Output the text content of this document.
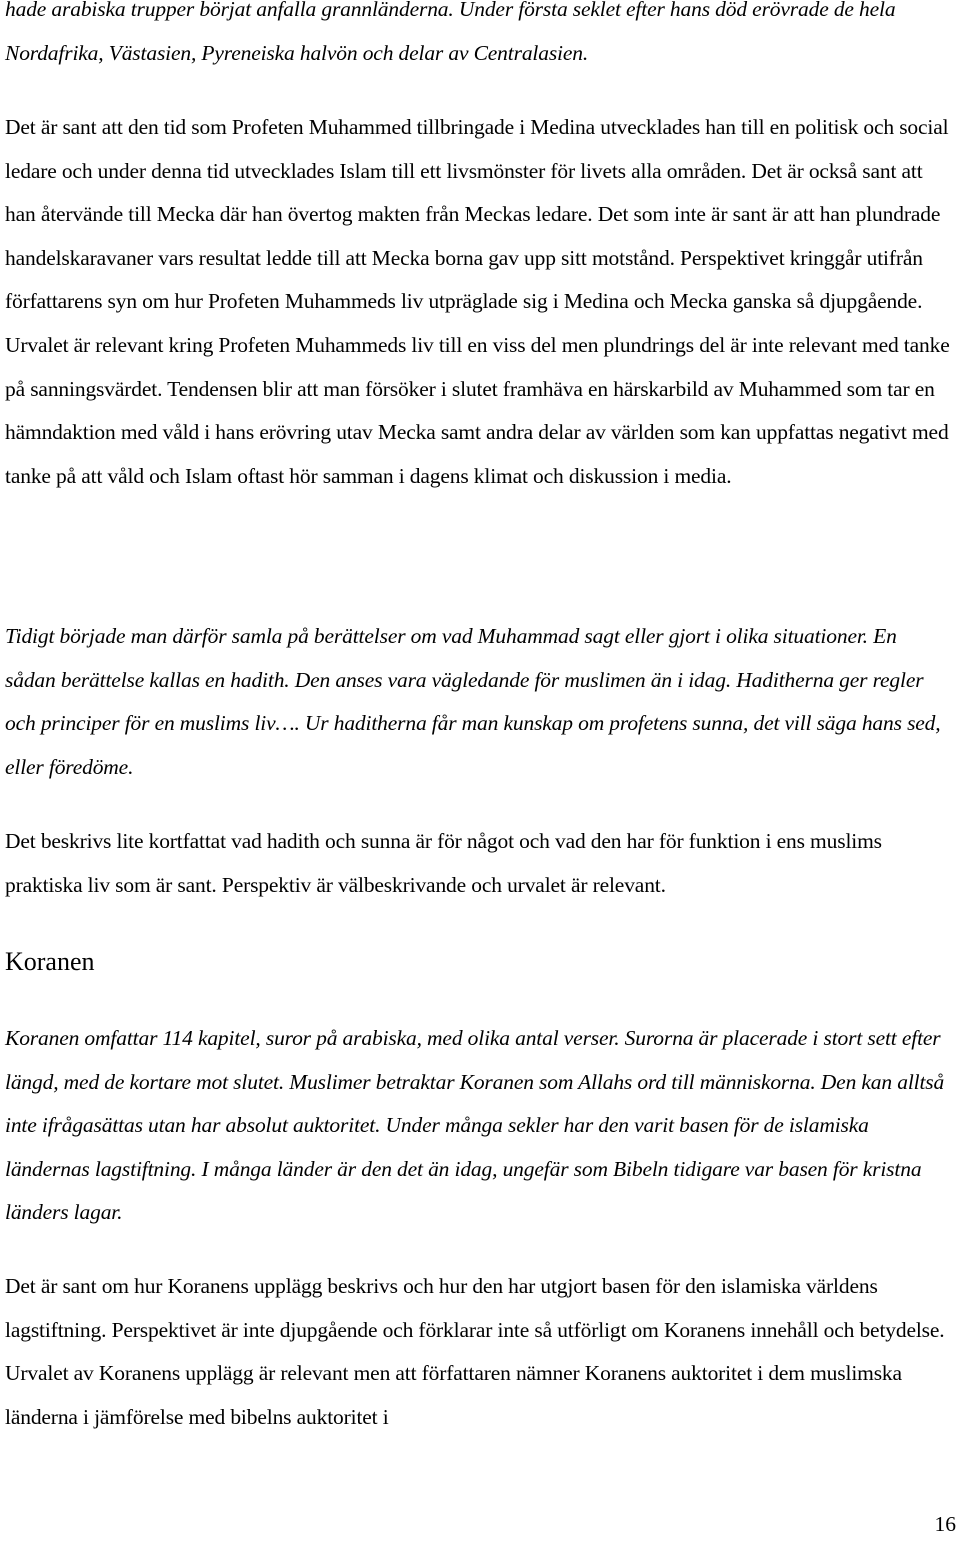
hade arabiska trupper börjat anfalla grannländerna. Under första seklet efter hans död erövrade de hela Nordafrika, Västasien, Pyreneiska halvön och delar av Centralasien.

Det är sant att den tid som Profeten Muhammed tillbringade i Medina utvecklades han till en politisk och social ledare och under denna tid utvecklades Islam till ett livsmönster för livets alla områden. Det är också sant att han återvände till Mecka där han övertog makten från Meckas ledare. Det som inte är sant är att han plundrade handelskaravaner vars resultat ledde till att Mecka borna gav upp sitt motstånd. Perspektivet kringgår utifrån författarens syn om hur Profeten Muhammeds liv utpräglade sig i Medina och Mecka ganska så djupgående. Urvalet är relevant kring Profeten Muhammeds liv till en viss del men plundrings del är inte relevant med tanke på sanningsvärdet. Tendensen blir att man försöker i slutet framhäva en härskarbild av Muhammed som tar en hämndaktion med våld i hans erövring utav Mecka samt andra delar av världen som kan uppfattas negativt med tanke på att våld och Islam oftast hör samman i dagens klimat och diskussion i media.

Tidigt började man därför samla på berättelser om vad Muhammad sagt eller gjort i olika situationer. En sådan berättelse kallas en hadith. Den anses vara vägledande för muslimen än i idag. Haditherna ger regler och principer för en muslims liv…. Ur haditherna får man kunskap om profetens sunna, det vill säga hans sed, eller föredöme.

Det beskrivs lite kortfattat vad hadith och sunna är för något och vad den har för funktion i ens muslims praktiska liv som är sant. Perspektiv är välbeskrivande och urvalet är relevant.

Koranen

Koranen omfattar 114 kapitel, suror på arabiska, med olika antal verser. Surorna är placerade i stort sett efter längd, med de kortare mot slutet. Muslimer betraktar Koranen som Allahs ord till människorna. Den kan alltså inte ifrågasättas utan har absolut auktoritet. Under många sekler har den varit basen för de islamiska ländernas lagstiftning. I många länder är den det än idag, ungefär som Bibeln tidigare var basen för kristna länders lagar.

Det är sant om hur Koranens upplägg beskrivs och hur den har utgjort basen för den islamiska världens lagstiftning. Perspektivet är inte djupgående och förklarar inte så utförligt om Koranens innehåll och betydelse. Urvalet av Koranens upplägg är relevant men att författaren nämner Koranens auktoritet i dem muslimska länderna i jämförelse med bibelns auktoritet i

16
